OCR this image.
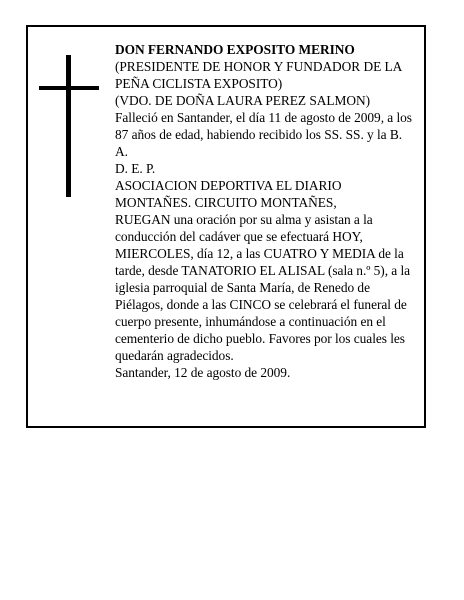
DON FERNANDO EXPOSITO MERINO

(PRESIDENTE DE HONOR Y FUNDADOR DE LA PEÑA CICLISTA EXPOSITO)

(VDO. DE DOÑA LAURA PEREZ SALMON)

Falleció en Santander, el día 11 de agosto de 2009, a los 87 años de edad, habiendo recibido los SS. SS. y la B. A.

D. E. P.

ASOCIACION DEPORTIVA EL DIARIO MONTAÑES. CIRCUITO MONTAÑES,

RUEGAN una oración por su alma y asistan a la conducción del cadáver que se efectuará HOY, MIERCOLES, día 12, a las CUATRO Y MEDIA de la tarde, desde TANATORIO EL ALISAL (sala n.º 5), a la iglesia parroquial de Santa María, de Renedo de Piélagos, donde a las CINCO se celebrará el funeral de cuerpo presente, inhumándose a continuación en el cementerio de dicho pueblo. Favores por los cuales les quedarán agradecidos.

Santander, 12 de agosto de 2009.
